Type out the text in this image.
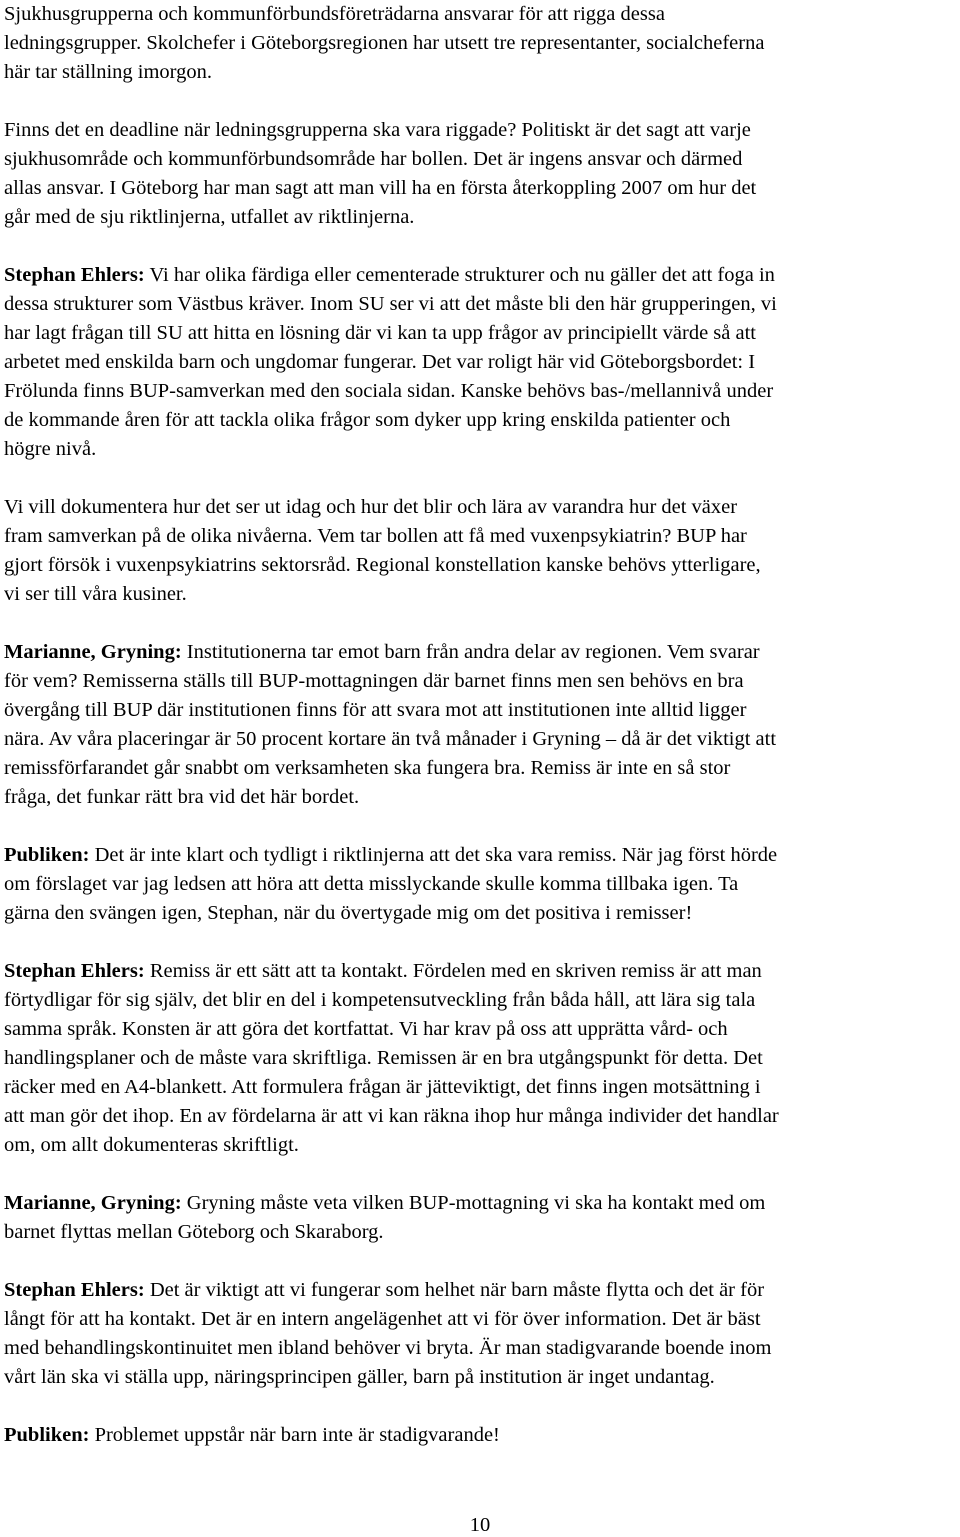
Sjukhusgrupperna och kommunförbundsföreträdarna ansvarar för att rigga dessa
ledningsgrupper. Skolchefer i Göteborgsregionen har utsett tre representanter, socialcheferna
här tar ställning imorgon.

Finns det en deadline när ledningsgrupperna ska vara riggade? Politiskt är det sagt att varje
sjukhusområde och kommunförbundsområde har bollen. Det är ingens ansvar och därmed
allas ansvar. I Göteborg har man sagt att man vill ha en första återkoppling 2007 om hur det
går med de sju riktlinjerna, utfallet av riktlinjerna.

Stephan Ehlers: Vi har olika färdiga eller cementerade strukturer och nu gäller det att foga in
dessa strukturer som Västbus kräver. Inom SU ser vi att det måste bli den här grupperingen, vi
har lagt frågan till SU att hitta en lösning där vi kan ta upp frågor av principiellt värde så att
arbetet med enskilda barn och ungdomar fungerar. Det var roligt här vid Göteborgsbordet: I
Frölunda finns BUP-samverkan med den sociala sidan. Kanske behövs bas-/mellannivå under
de kommande åren för att tackla olika frågor som dyker upp kring enskilda patienter och
högre nivå.

Vi vill dokumentera hur det ser ut idag och hur det blir och lära av varandra hur det växer
fram samverkan på de olika nivåerna. Vem tar bollen att få med vuxenpsykiatrin? BUP har
gjort försök i vuxenpsykiatrins sektorsråd. Regional konstellation kanske behövs ytterligare,
vi ser till våra kusiner.

Marianne, Gryning: Institutionerna tar emot barn från andra delar av regionen. Vem svarar
för vem? Remisserna ställs till BUP-mottagningen där barnet finns men sen behövs en bra
övergång till BUP där institutionen finns för att svara mot att institutionen inte alltid ligger
nära. Av våra placeringar är 50 procent kortare än två månader i Gryning – då är det viktigt att
remissförfarandet går snabbt om verksamheten ska fungera bra. Remiss är inte en så stor
fråga, det funkar rätt bra vid det här bordet.

Publiken: Det är inte klart och tydligt i riktlinjerna att det ska vara remiss. När jag först hörde
om förslaget var jag ledsen att höra att detta misslyckande skulle komma tillbaka igen. Ta
gärna den svängen igen, Stephan, när du övertygade mig om det positiva i remisser!

Stephan Ehlers: Remiss är ett sätt att ta kontakt. Fördelen med en skriven remiss är att man
förtydligar för sig själv, det blir en del i kompetensutveckling från båda håll, att lära sig tala
samma språk. Konsten är att göra det kortfattat. Vi har krav på oss att upprätta vård- och
handlingsplaner och de måste vara skriftliga. Remissen är en bra utgångspunkt för detta. Det
räcker med en A4-blankett. Att formulera frågan är jätteviktigt, det finns ingen motsättning i
att man gör det ihop. En av fördelarna är att vi kan räkna ihop hur många individer det handlar
om, om allt dokumenteras skriftligt.

Marianne, Gryning: Gryning måste veta vilken BUP-mottagning vi ska ha kontakt med om
barnet flyttas mellan Göteborg och Skaraborg.

Stephan Ehlers: Det är viktigt att vi fungerar som helhet när barn måste flytta och det är för
långt för att ha kontakt. Det är en intern angelägenhet att vi för över information. Det är bäst
med behandlingskontinuitet men ibland behöver vi bryta. Är man stadigvarande boende inom
vårt län ska vi ställa upp, näringsprincipen gäller, barn på institution är inget undantag.

Publiken: Problemet uppstår när barn inte är stadigvarande!

10
